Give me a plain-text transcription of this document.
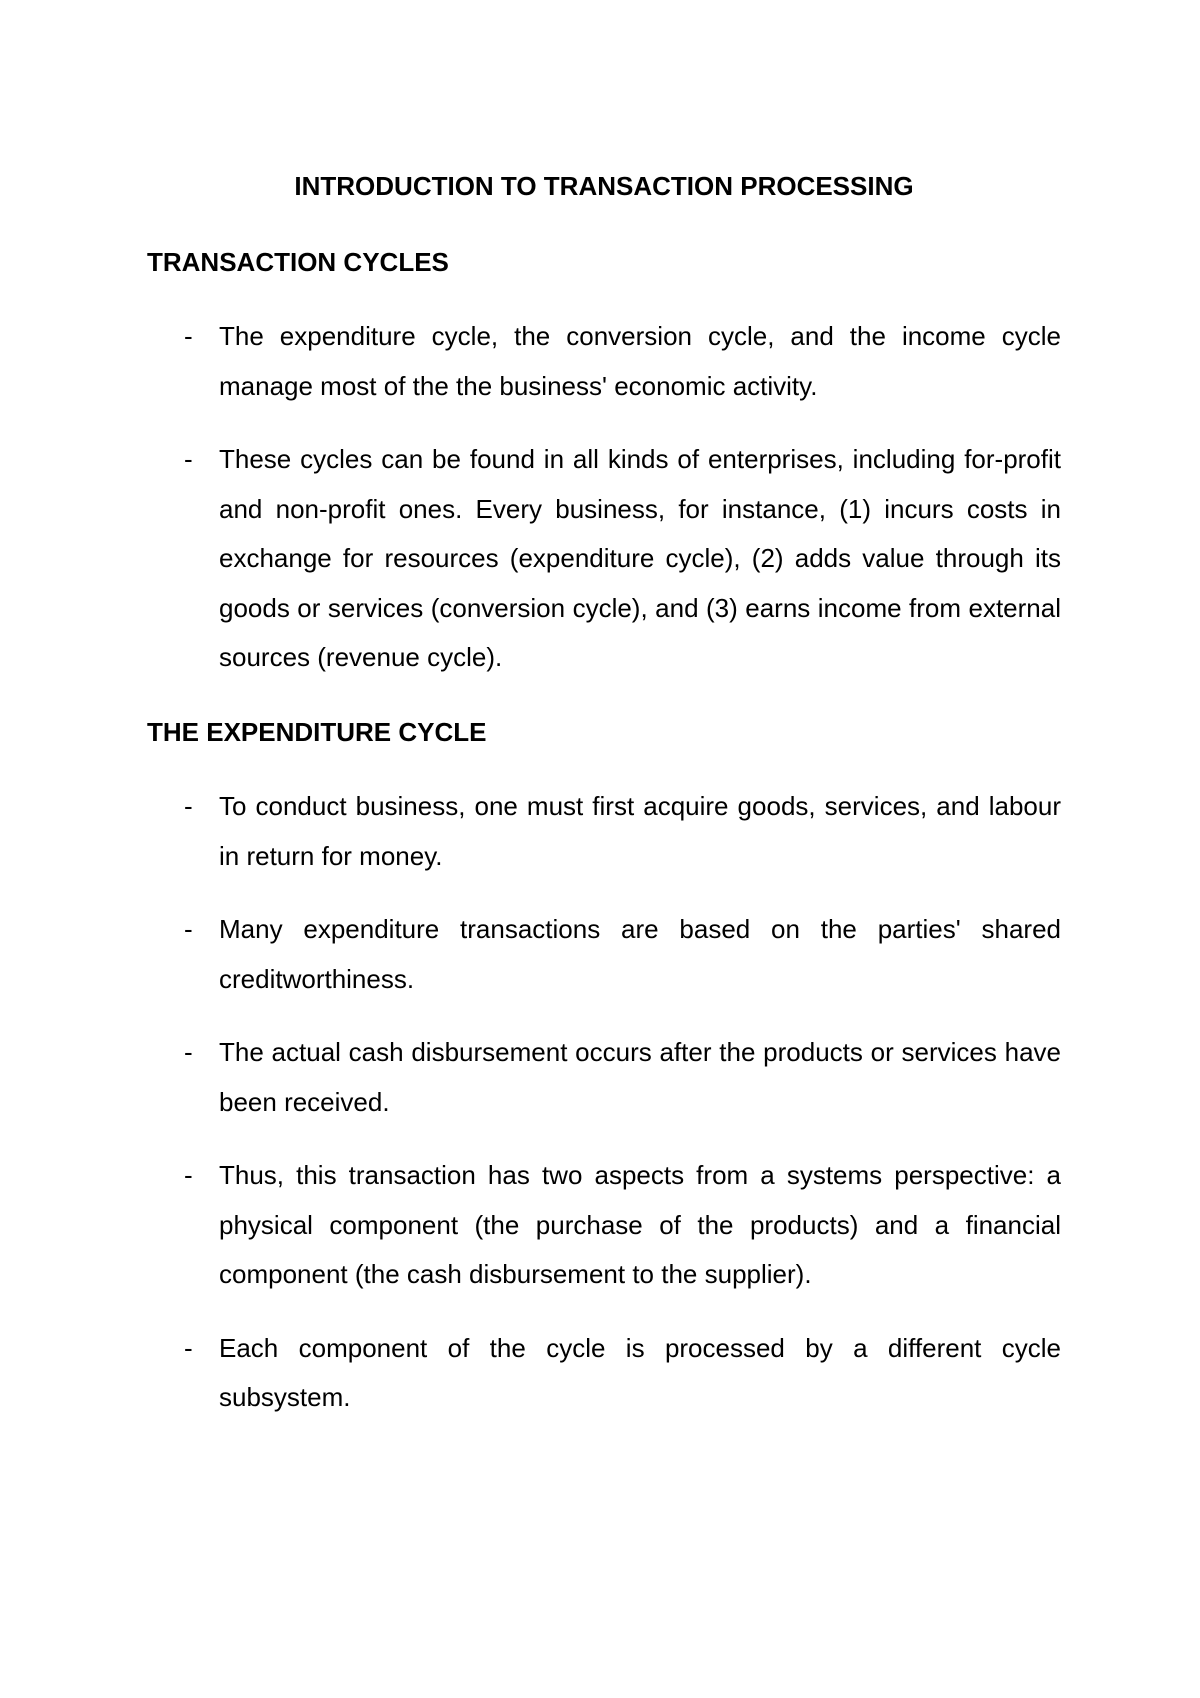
INTRODUCTION TO TRANSACTION PROCESSING
TRANSACTION CYCLES
- The expenditure cycle, the conversion cycle, and the income cycle manage most of the the business' economic activity.
- These cycles can be found in all kinds of enterprises, including for-profit and non-profit ones. Every business, for instance, (1) incurs costs in exchange for resources (expenditure cycle), (2) adds value through its goods or services (conversion cycle), and (3) earns income from external sources (revenue cycle).
THE EXPENDITURE CYCLE
- To conduct business, one must first acquire goods, services, and labour in return for money.
- Many expenditure transactions are based on the parties' shared creditworthiness.
- The actual cash disbursement occurs after the products or services have been received.
- Thus, this transaction has two aspects from a systems perspective: a physical component (the purchase of the products) and a financial component (the cash disbursement to the supplier).
- Each component of the cycle is processed by a different cycle subsystem.
